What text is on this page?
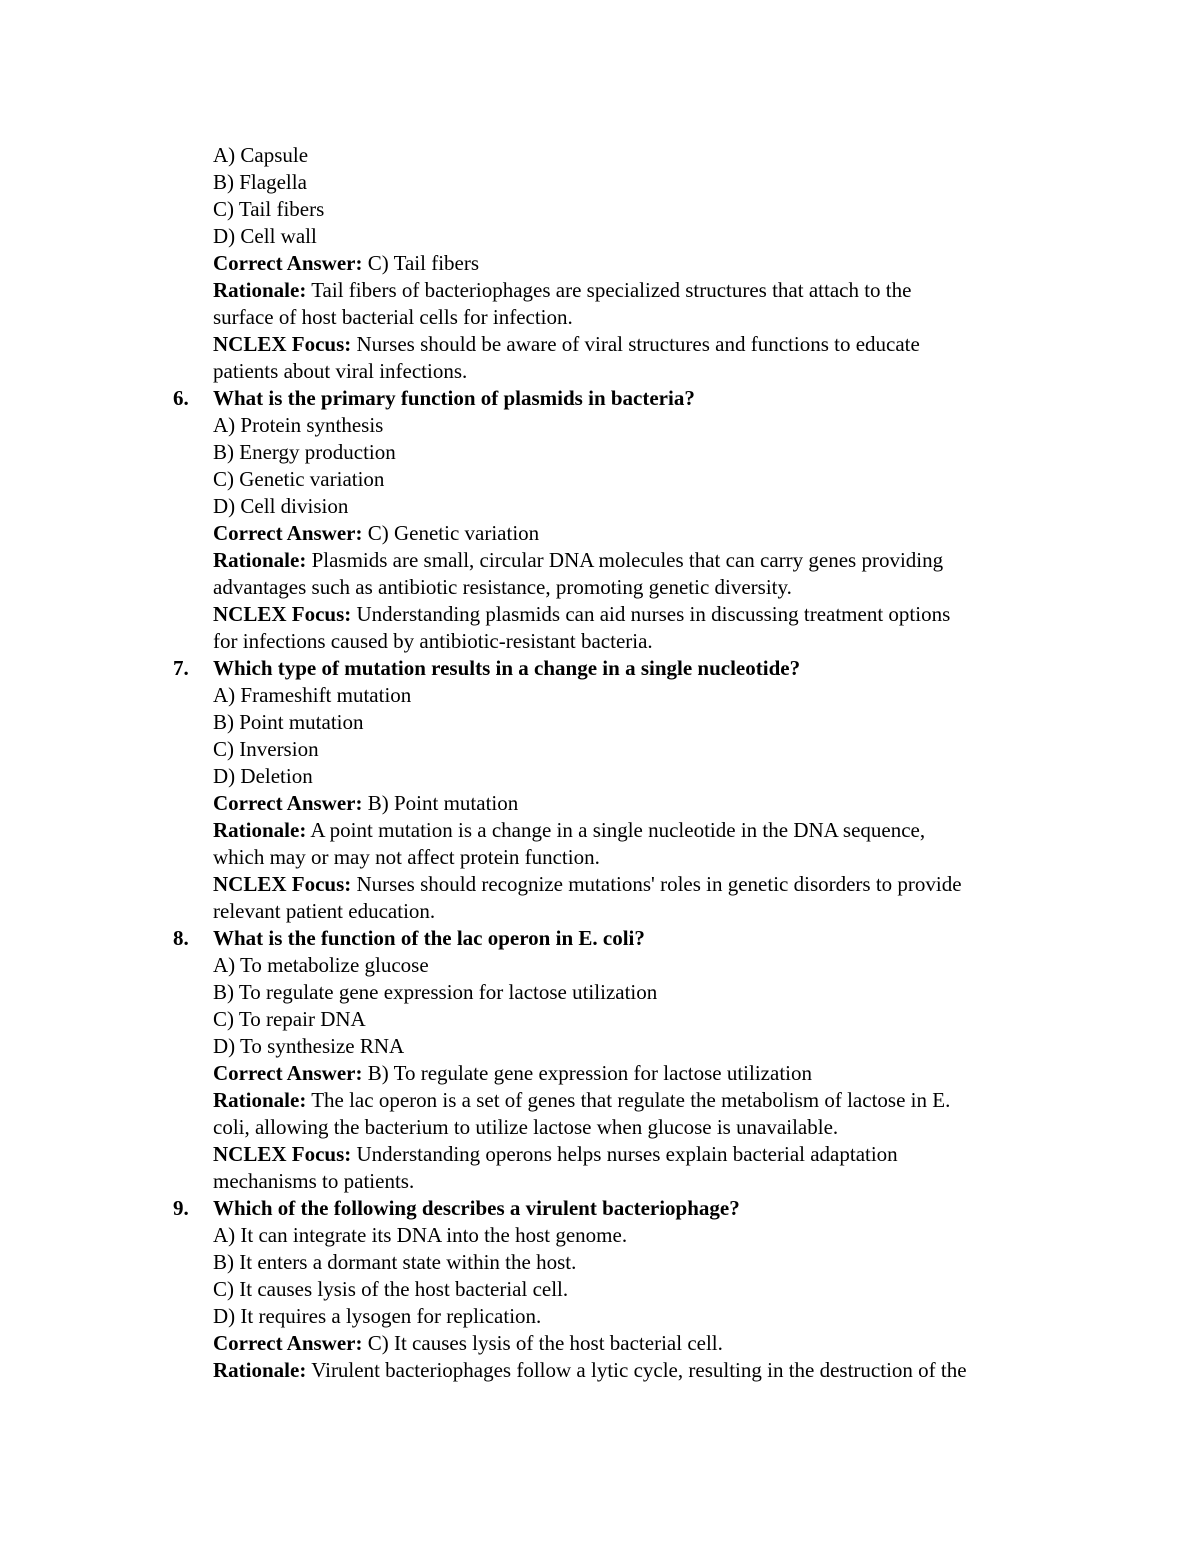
A) Capsule
B) Flagella
C) Tail fibers
D) Cell wall
Correct Answer: C) Tail fibers
Rationale: Tail fibers of bacteriophages are specialized structures that attach to the
surface of host bacterial cells for infection.
NCLEX Focus: Nurses should be aware of viral structures and functions to educate
patients about viral infections.
6. What is the primary function of plasmids in bacteria?
A) Protein synthesis
B) Energy production
C) Genetic variation
D) Cell division
Correct Answer: C) Genetic variation
Rationale: Plasmids are small, circular DNA molecules that can carry genes providing
advantages such as antibiotic resistance, promoting genetic diversity.
NCLEX Focus: Understanding plasmids can aid nurses in discussing treatment options
for infections caused by antibiotic-resistant bacteria.
7. Which type of mutation results in a change in a single nucleotide?
A) Frameshift mutation
B) Point mutation
C) Inversion
D) Deletion
Correct Answer: B) Point mutation
Rationale: A point mutation is a change in a single nucleotide in the DNA sequence,
which may or may not affect protein function.
NCLEX Focus: Nurses should recognize mutations' roles in genetic disorders to provide
relevant patient education.
8. What is the function of the lac operon in E. coli?
A) To metabolize glucose
B) To regulate gene expression for lactose utilization
C) To repair DNA
D) To synthesize RNA
Correct Answer: B) To regulate gene expression for lactose utilization
Rationale: The lac operon is a set of genes that regulate the metabolism of lactose in E.
coli, allowing the bacterium to utilize lactose when glucose is unavailable.
NCLEX Focus: Understanding operons helps nurses explain bacterial adaptation
mechanisms to patients.
9. Which of the following describes a virulent bacteriophage?
A) It can integrate its DNA into the host genome.
B) It enters a dormant state within the host.
C) It causes lysis of the host bacterial cell.
D) It requires a lysogen for replication.
Correct Answer: C) It causes lysis of the host bacterial cell.
Rationale: Virulent bacteriophages follow a lytic cycle, resulting in the destruction of the
